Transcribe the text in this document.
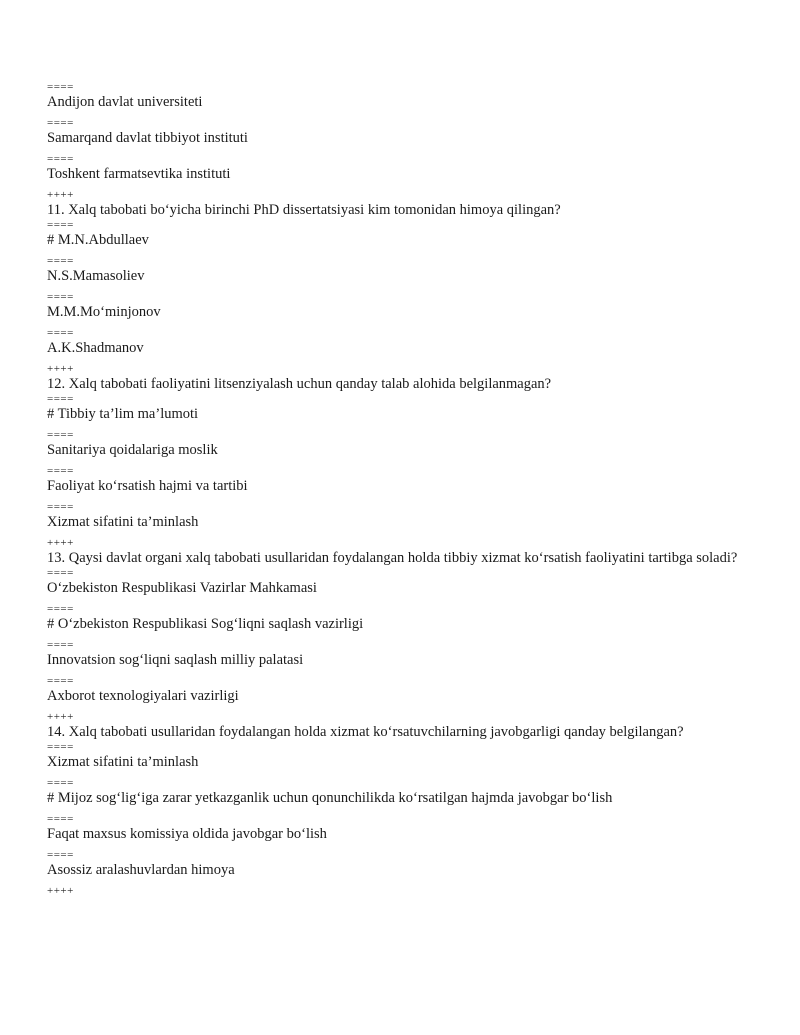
====
Andijon davlat universiteti
====
Samarqand davlat tibbiyot instituti
====
Toshkent farmatsevtika instituti
++++
11. Xalq tabobati bo‘yicha birinchi PhD dissertatsiyasi kim tomonidan himoya qilingan?
====
# M.N.Abdullaev
====
N.S.Mamasoliev
====
M.M.Mo‘minjonov
====
A.K.Shadmanov
++++
12. Xalq tabobati faoliyatini litsenziyalash uchun qanday talab alohida belgilanmagan?
====
# Tibbiy ta’lim ma’lumoti
====
Sanitariya qoidalariga moslik
====
Faoliyat ko‘rsatish hajmi va tartibi
====
Xizmat sifatini ta’minlash
++++
13. Qaysi davlat organi xalq tabobati usullaridan foydalangan holda tibbiy xizmat ko‘rsatish faoliyatini tartibga soladi?
====
O‘zbekiston Respublikasi Vazirlar Mahkamasi
====
# O‘zbekiston Respublikasi Sog‘liqni saqlash vazirligi
====
Innovatsion sog‘liqni saqlash milliy palatasi
====
Axborot texnologiyalari vazirligi
++++
14. Xalq tabobati usullaridan foydalangan holda xizmat ko‘rsatuvchilarning javobgarligi qanday belgilangan?
====
Xizmat sifatini ta’minlash
====
# Mijoz sog‘lig‘iga zarar yetkazganlik uchun qonunchilikda ko‘rsatilgan hajmda javobgar bo‘lish
====
Faqat maxsus komissiya oldida javobgar bo‘lish
====
Asossiz aralashuvlardan himoya
++++
